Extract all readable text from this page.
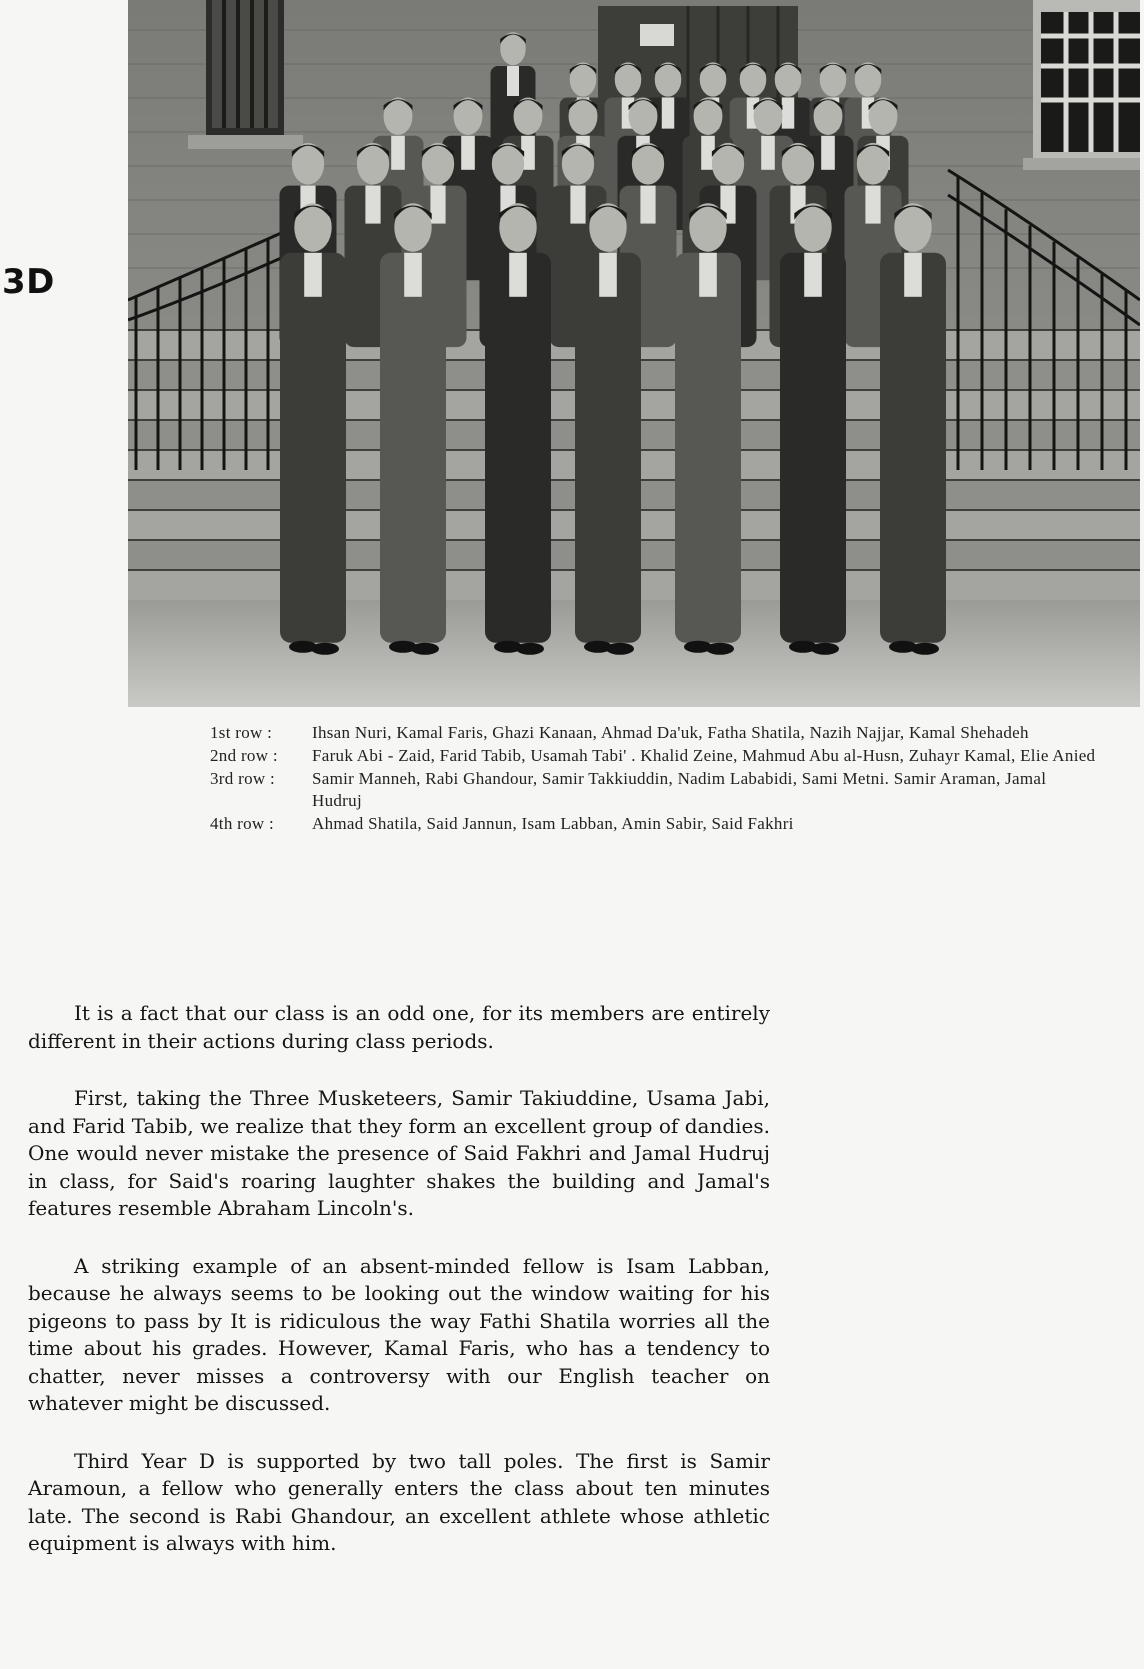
3D
1st row :	Ihsan Nuri, Kamal Faris, Ghazi Kanaan, Ahmad Da'uk, Fatha Shatila, Nazih Najjar, Kamal Shehadeh
2nd row :	Faruk Abi - Zaid, Farid Tabib, Usamah Tabi' . Khalid Zeine, Mahmud Abu al-Husn, Zuhayr Kamal, Elie Anied
3rd row :	Samir Manneh, Rabi Ghandour, Samir Takkiuddin, Nadim Lababidi, Sami Metni. Samir Araman, Jamal Hudruj
4th row :	Ahmad Shatila, Said Jannun, Isam Labban, Amin Sabir, Said Fakhri

It is a fact that our class is an odd one, for its members are entirely different in their actions during class periods.

First, taking the Three Musketeers, Samir Takiuddine, Usama Jabi, and Farid Tabib, we realize that they form an excellent group of dandies. One would never mistake the presence of Said Fakhri and Jamal Hudruj in class, for Said's roaring laughter shakes the building and Jamal's features resemble Abraham Lincoln's.

A striking example of an absent-minded fellow is Isam Labban, because he always seems to be looking out the window waiting for his pigeons to pass by It is ridiculous the way Fathi Shatila worries all the time about his grades. However, Kamal Faris, who has a tendency to chatter, never misses a controversy with our English teacher on whatever might be discussed.

Third Year D is supported by two tall poles. The first is Samir Aramoun, a fellow who generally enters the class about ten minutes late. The second is Rabi Ghandour, an excellent athlete whose athletic equipment is always with him.
